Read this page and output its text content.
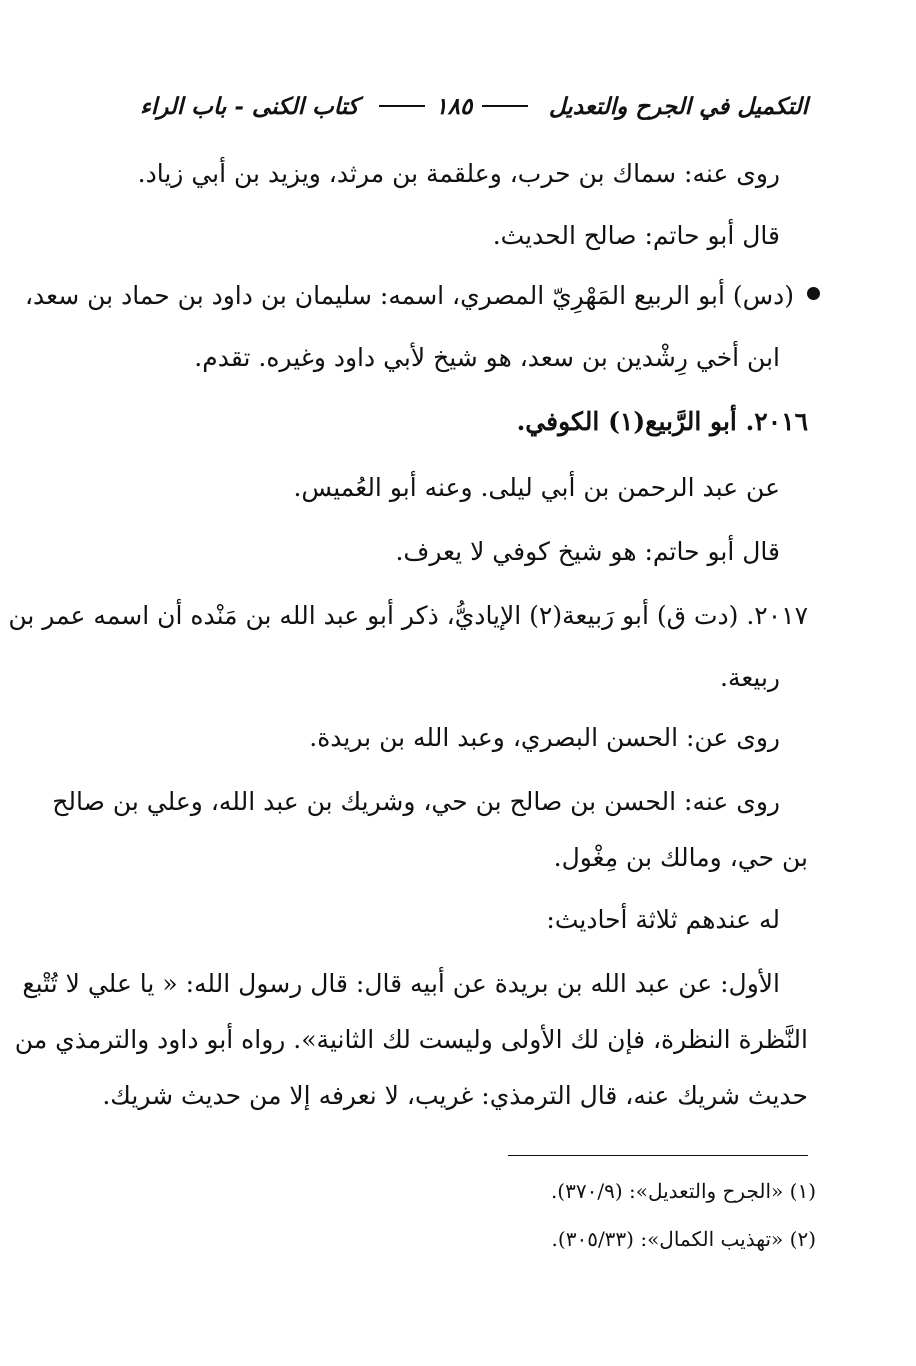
التكميل في الجرح والتعديل
١٨٥
كتاب الكنى - باب الراء
روى عنه: سماك بن حرب، وعلقمة بن مرثد، ويزيد بن أبي زياد.
قال أبو حاتم: صالح الحديث.
(دس) أبو الربيع المَهْرِيّ المصري، اسمه: سليمان بن داود بن حماد بن سعد،
ابن أخي رِشْدين بن سعد، هو شيخ لأبي داود وغيره. تقدم.
٢٠١٦. أبو الرَّبيع(١) الكوفي.
عن عبد الرحمن بن أبي ليلى. وعنه أبو العُميس.
قال أبو حاتم: هو شيخ كوفي لا يعرف.
٢٠١٧. (دت ق) أبو رَبيعة(٢) الإياديُّ، ذكر أبو عبد الله بن مَنْده أن اسمه عمر بن
ربيعة.
روى عن: الحسن البصري، وعبد الله بن بريدة.
روى عنه: الحسن بن صالح بن حي، وشريك بن عبد الله، وعلي بن صالح
بن حي، ومالك بن مِغْول.
له عندهم ثلاثة أحاديث:
الأول: عن عبد الله بن بريدة عن أبيه قال: قال رسول الله: « يا علي لا تُتْبع
النَّظرة النظرة، فإن لك الأولى وليست لك الثانية». رواه أبو داود والترمذي من
حديث شريك عنه، قال الترمذي: غريب، لا نعرفه إلا من حديث شريك.
(١) «الجرح والتعديل»: (٣٧٠/٩).
(٢) «تهذيب الكمال»: (٣٠٥/٣٣).
